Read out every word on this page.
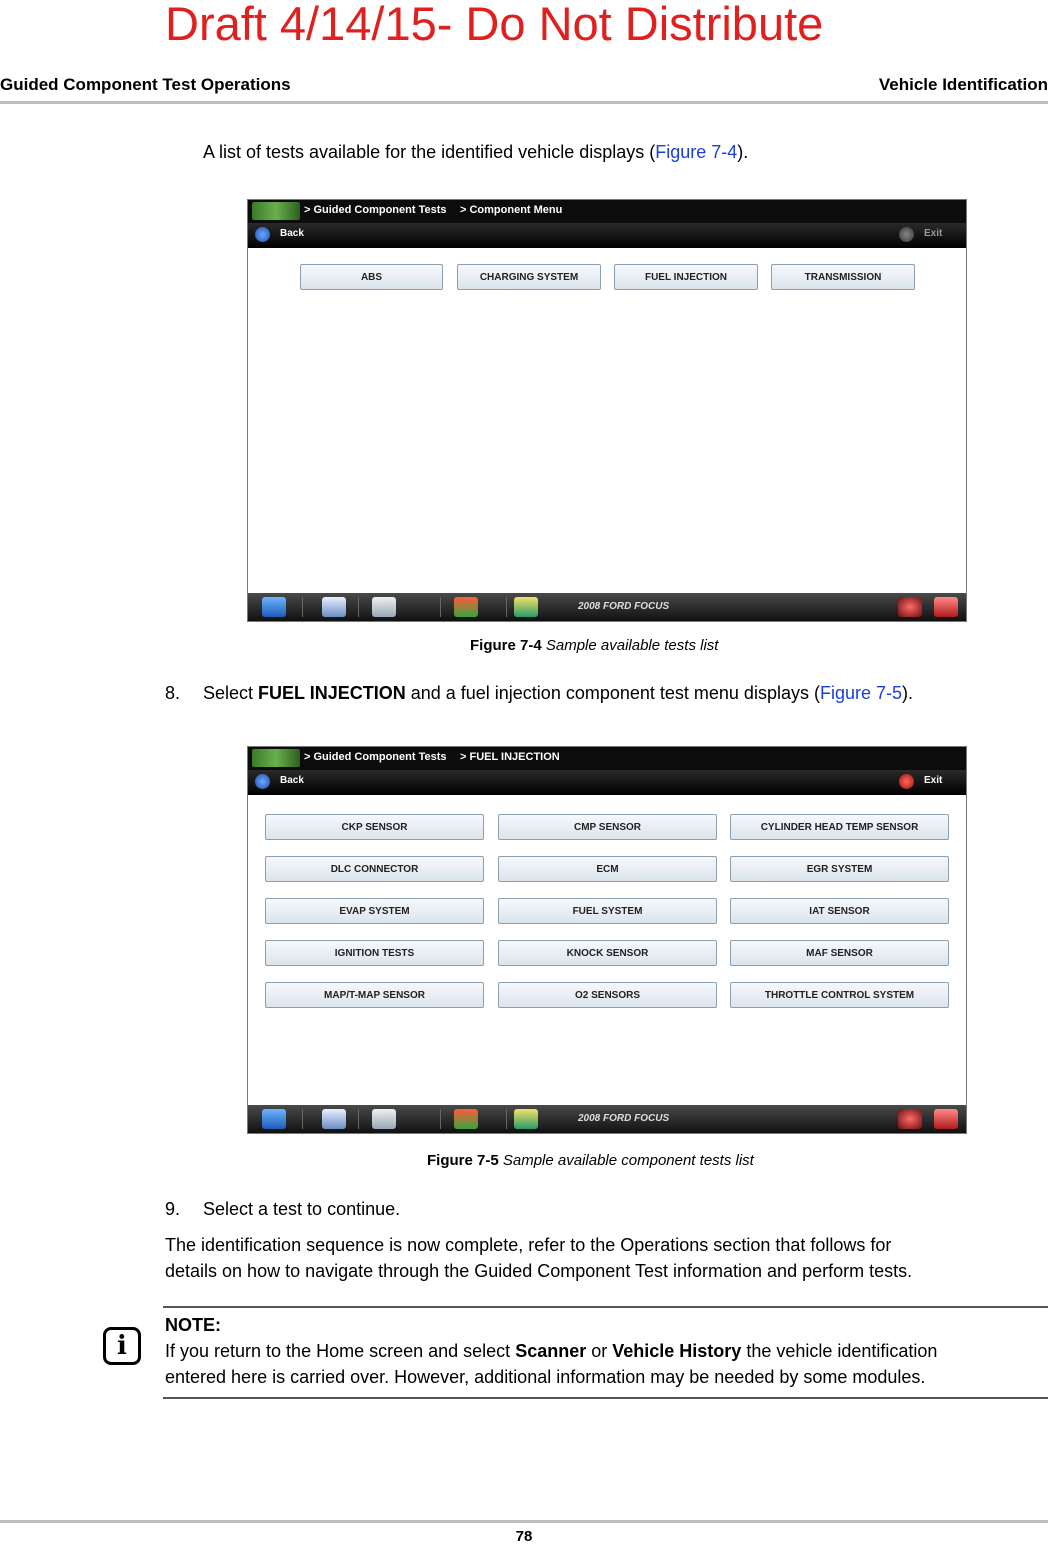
Draft 4/14/15- Do Not Distribute
Guided Component Test Operations	Vehicle Identification
A list of tests available for the identified vehicle displays (Figure 7-4).
> Guided Component Tests > Component Menu
Back	Exit
ABS	CHARGING SYSTEM	FUEL INJECTION	TRANSMISSION
2008 FORD FOCUS
Figure 7-4 Sample available tests list
8. Select FUEL INJECTION and a fuel injection component test menu displays (Figure 7-5).
> Guided Component Tests > FUEL INJECTION
Back	Exit
CKP SENSOR	CMP SENSOR	CYLINDER HEAD TEMP SENSOR
DLC CONNECTOR	ECM	EGR SYSTEM
EVAP SYSTEM	FUEL SYSTEM	IAT SENSOR
IGNITION TESTS	KNOCK SENSOR	MAF SENSOR
MAP/T-MAP SENSOR	O2 SENSORS	THROTTLE CONTROL SYSTEM
2008 FORD FOCUS
Figure 7-5 Sample available component tests list
9. Select a test to continue.
The identification sequence is now complete, refer to the Operations section that follows for
details on how to navigate through the Guided Component Test information and perform tests.
i
NOTE:
If you return to the Home screen and select Scanner or Vehicle History the vehicle identification
entered here is carried over. However, additional information may be needed by some modules.
78
